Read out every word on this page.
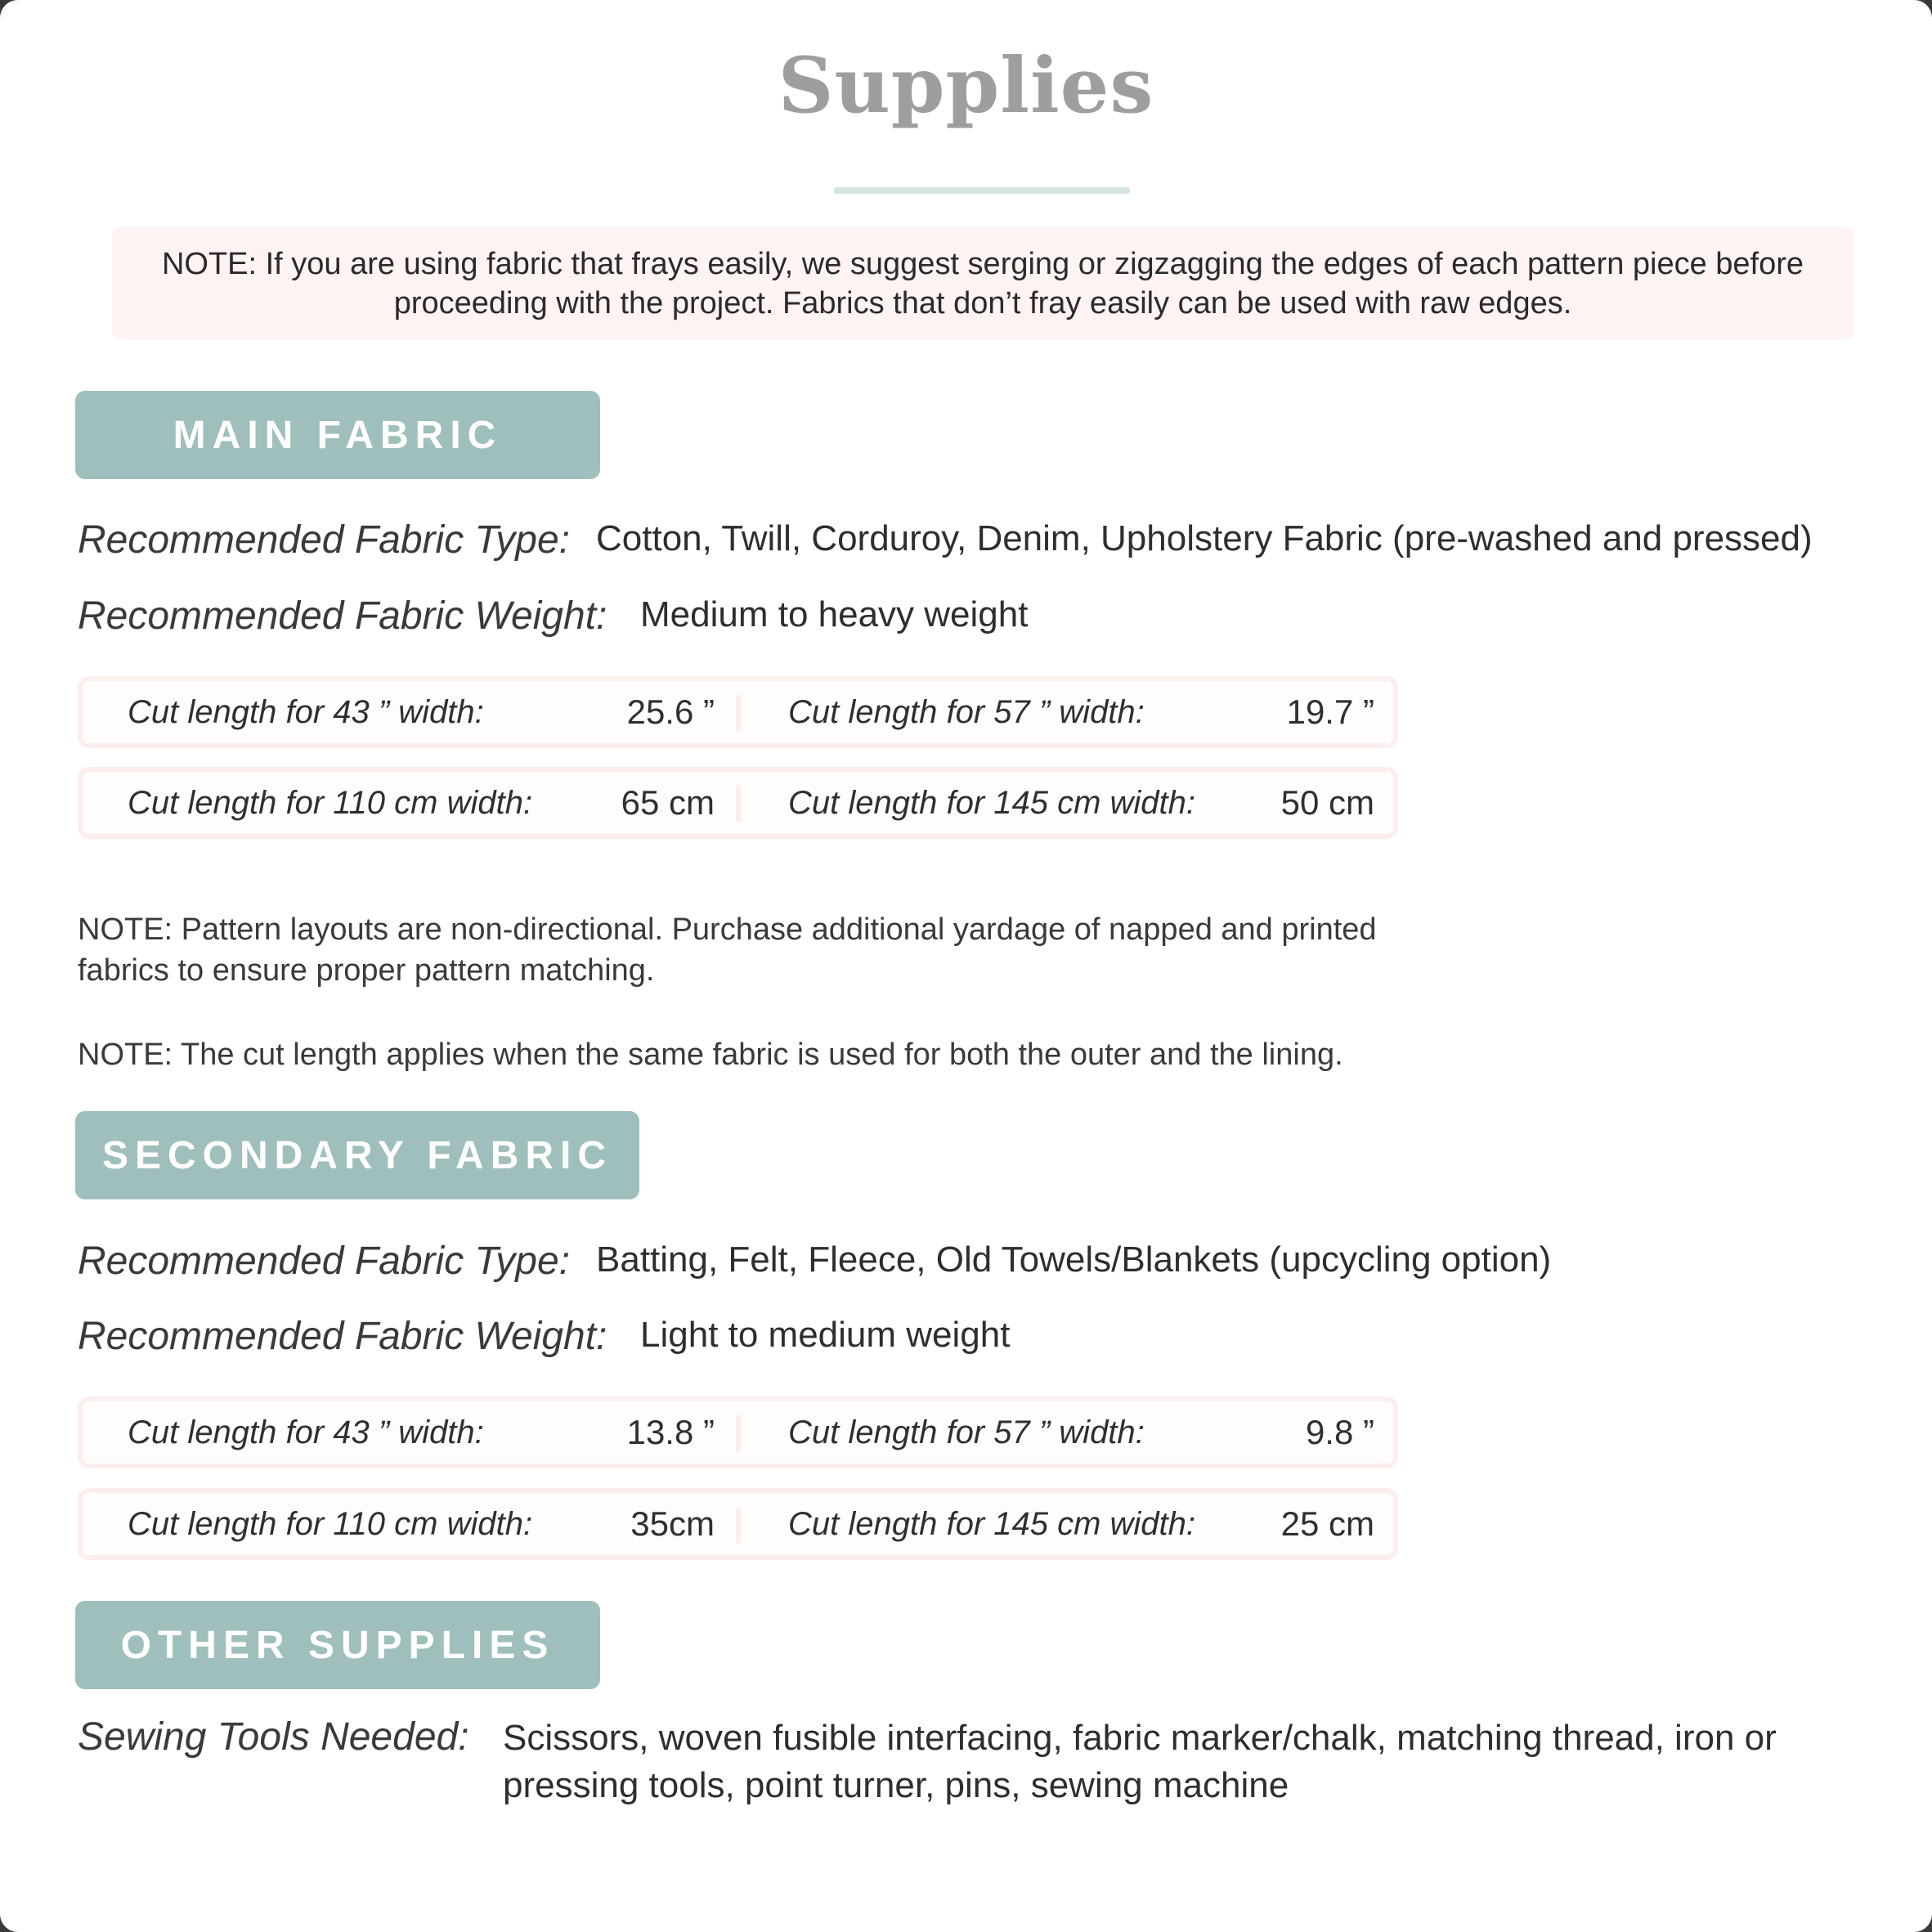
Supplies

NOTE: If you are using fabric that frays easily, we suggest serging or zigzagging the edges of each pattern piece before proceeding with the project. Fabrics that don’t fray easily can be used with raw edges.

MAIN FABRIC
Recommended Fabric Type: Cotton, Twill, Corduroy, Denim, Upholstery Fabric (pre-washed and pressed)
Recommended Fabric Weight: Medium to heavy weight
Cut length for 43 ” width:	25.6 ” Cut length for 57 ” width:	19.7 ”
Cut length for 110 cm width:	65 cm Cut length for 145 cm width: 50 cm
NOTE: Pattern layouts are non-directional. Purchase additional yardage of napped and printed fabrics to ensure proper pattern matching.
NOTE: The cut length applies when the same fabric is used for both the outer and the lining.
SECONDARY FABRIC
Recommended Fabric Type: Batting, Felt, Fleece, Old Towels/Blankets (upcycling option)
Recommended Fabric Weight: Light to medium weight
Cut length for 43 ” width:	13.8 ” Cut length for 57 ” width:	9.8 ”
Cut length for 110 cm width:	35cm Cut length for 145 cm width: 25 cm
OTHER SUPPLIES
Sewing Tools Needed: Scissors, woven fusible interfacing, fabric marker/chalk, matching thread, iron or pressing tools, point turner, pins, sewing machine
